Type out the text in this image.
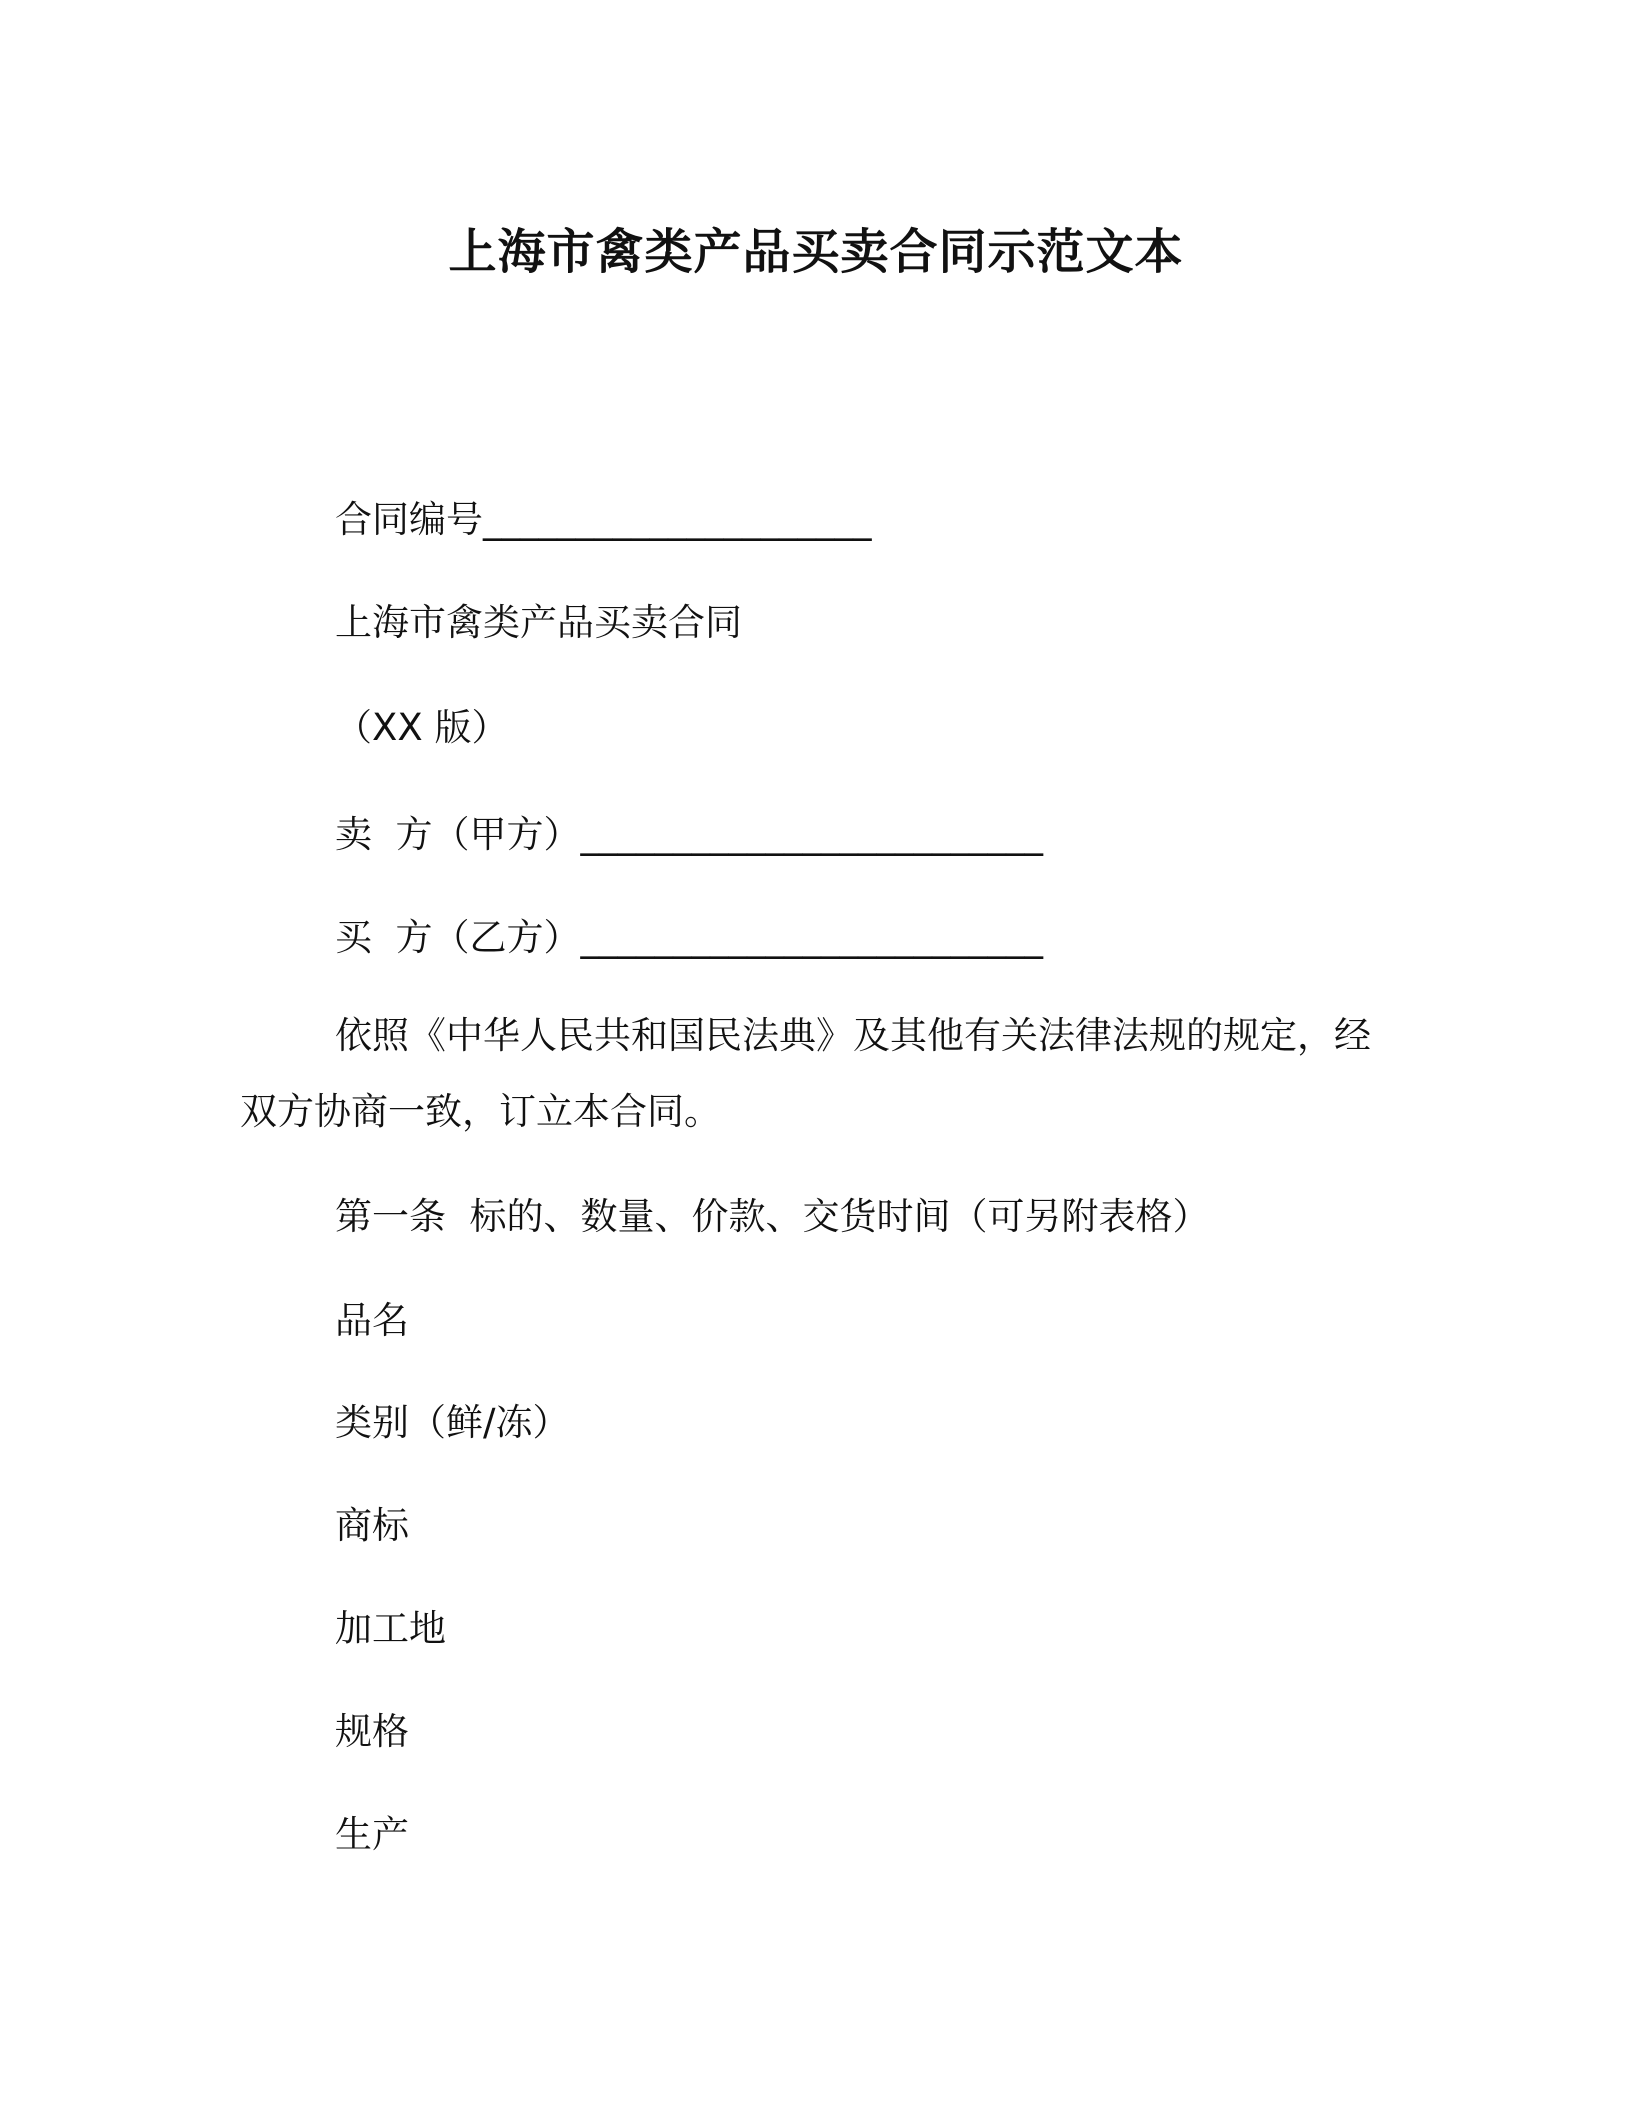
上海市禽类产品买卖合同示范文本
合同编号_____________________
上海市禽类产品买卖合同
（XX 版）
卖  方（甲方）_________________________
买  方（乙方）_________________________
依照《中华人民共和国民法典》及其他有关法律法规的规定，经
双方协商一致，订立本合同。
第一条  标的、数量、价款、交货时间（可另附表格）
品名
类别（鲜/冻）
商标
加工地
规格
生产
